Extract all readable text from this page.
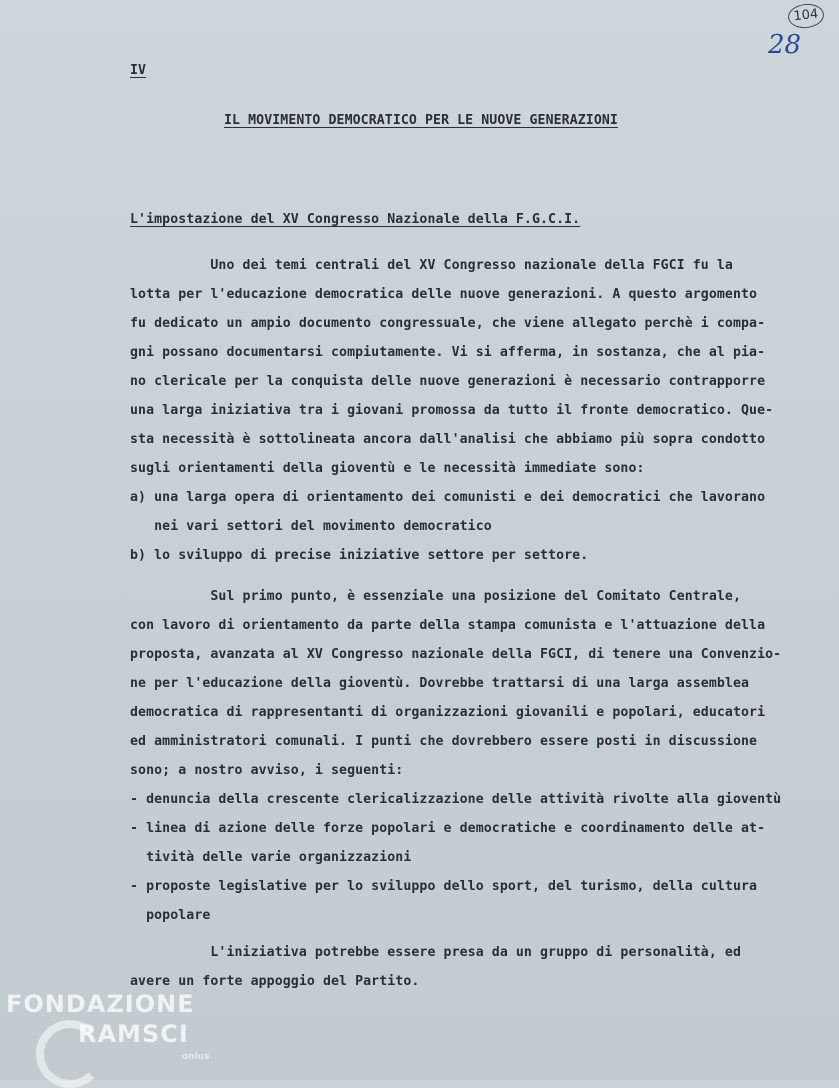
104
28
IV
IL MOVIMENTO DEMOCRATICO PER LE NUOVE GENERAZIONI
L'impostazione del XV Congresso Nazionale della F.G.C.I.
Uno dei temi centrali del XV Congresso nazionale della FGCI fu la
lotta per l'educazione democratica delle nuove generazioni. A questo argomento
fu dedicato un ampio documento congressuale, che viene allegato perchè i compa-
gni possano documentarsi compiutamente. Vi si afferma, in sostanza, che al pia-
no clericale per la conquista delle nuove generazioni è necessario contrapporre
una larga iniziativa tra i giovani promossa da tutto il fronte democratico. Que-
sta necessità è sottolineata ancora dall'analisi che abbiamo più sopra condotto
sugli orientamenti della gioventù e le necessità immediate sono:
a) una larga opera di orientamento dei comunisti e dei democratici che lavorano
nei vari settori del movimento democratico
b) lo sviluppo di precise iniziative settore per settore.
Sul primo punto, è essenziale una posizione del Comitato Centrale,
con lavoro di orientamento da parte della stampa comunista e l'attuazione della
proposta, avanzata al XV Congresso nazionale della FGCI, di tenere una Convenzio-
ne per l'educazione della gioventù. Dovrebbe trattarsi di una larga assemblea
democratica di rappresentanti di organizzazioni giovanili e popolari, educatori
ed amministratori comunali. I punti che dovrebbero essere posti in discussione
sono; a nostro avviso, i seguenti:
- denuncia della crescente clericalizzazione delle attività rivolte alla gioventù
- linea di azione delle forze popolari e democratiche e coordinamento delle at-
tività delle varie organizzazioni
- proposte legislative per lo sviluppo dello sport, del turismo, della cultura
popolare
L'iniziativa potrebbe essere presa da un gruppo di personalità, ed
avere un forte appoggio del Partito.
FONDAZIONE
RAMSCI
onlus
